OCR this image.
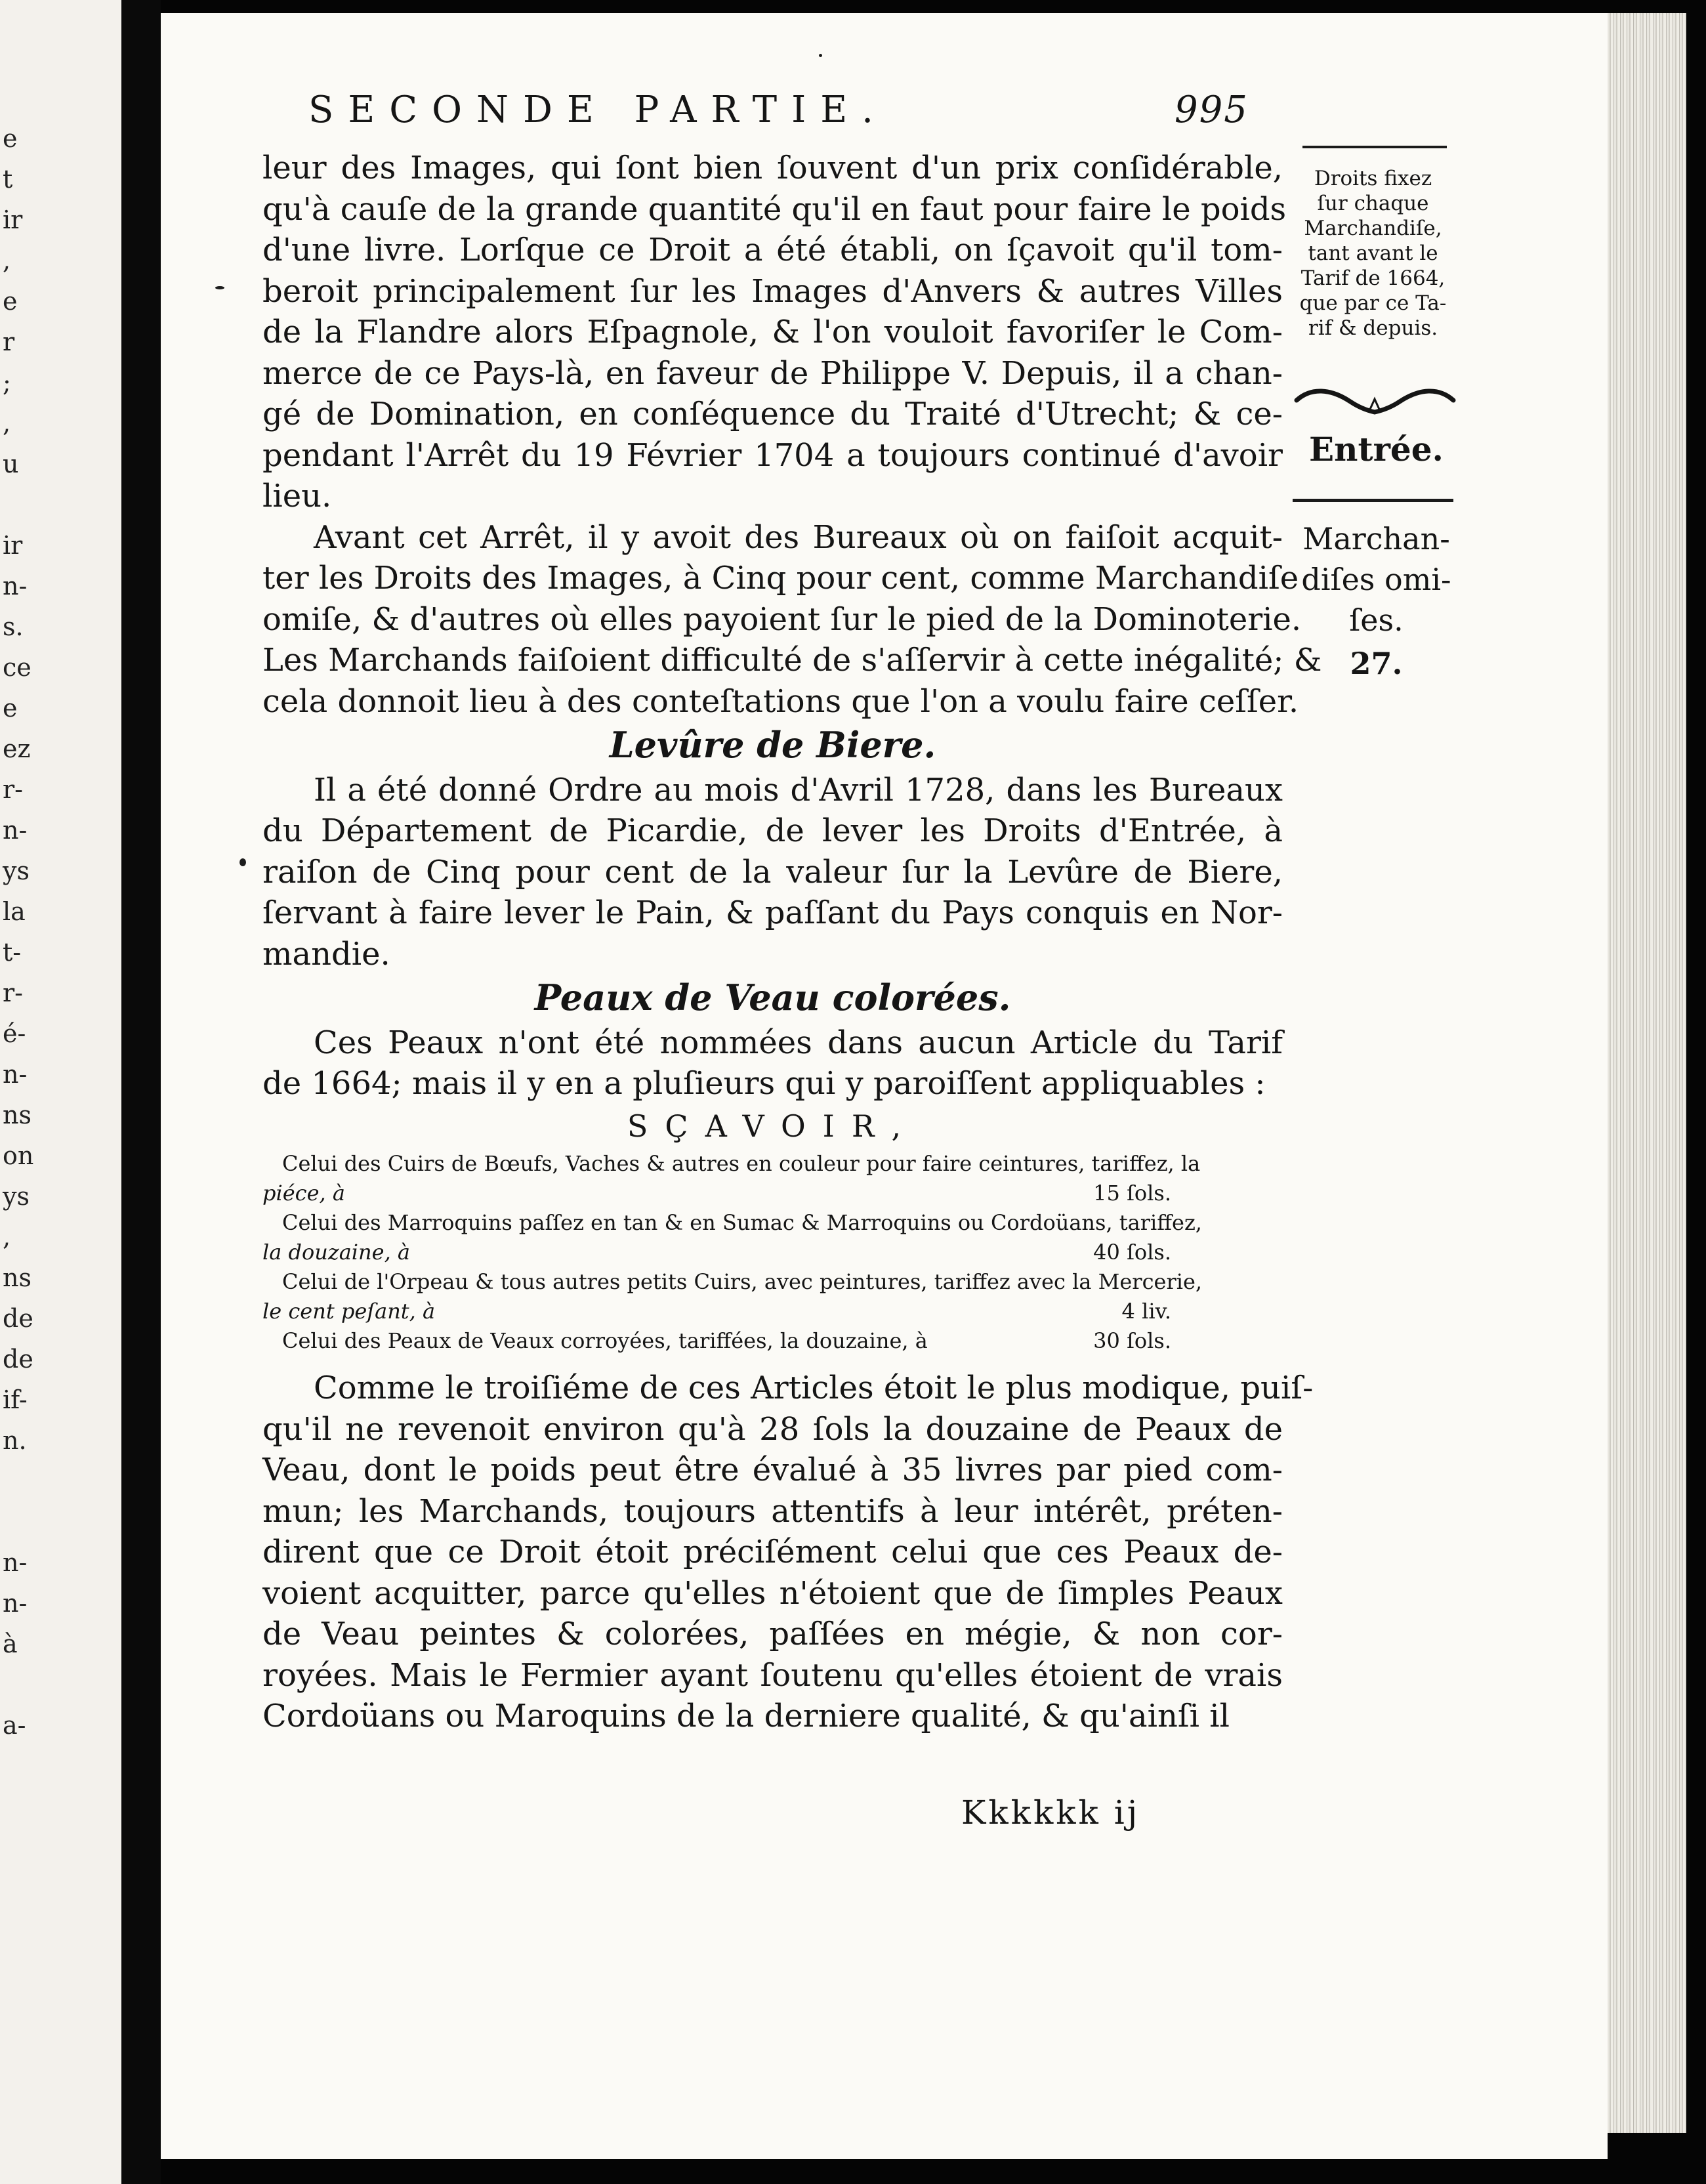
e
t
ir
,
e
r
;
,
u

ir
n-
s.
ce
e
ez
r-
n-
ys
la
t-
r-
é-
n-
ns
on
ys
,
ns
de
de
if-
n.

n-
n-
à

a-
SECONDE PARTIE.	995
Droits fixez
ſur chaque
Marchandiſe,
tant avant le
Tarif de 1664,
que par ce Ta-
rif & depuis.
Entrée.
Marchan-
diſes omi-
ſes.
27.

leur des Images, qui ſont bien ſouvent d'un prix conſidérable,
qu'à cauſe de la grande quantité qu'il en faut pour faire le poids
d'une livre. Lorſque ce Droit a été établi, on ſçavoit qu'il tom-
beroit principalement ſur les Images d'Anvers & autres Villes
de la Flandre alors Eſpagnole, & l'on vouloit favoriſer le Com-
merce de ce Pays-là, en faveur de Philippe V. Depuis, il a chan-
gé de Domination, en conſéquence du Traité d'Utrecht; & ce-
pendant l'Arrêt du 19 Février 1704 a toujours continué d'avoir
lieu.

Avant cet Arrêt, il y avoit des Bureaux où on faiſoit acquit-
ter les Droits des Images, à Cinq pour cent, comme Marchandiſe
omiſe, & d'autres où elles payoient ſur le pied de la Dominoterie.
Les Marchands faiſoient difficulté de s'aſſervir à cette inégalité; &
cela donnoit lieu à des conteſtations que l'on a voulu faire ceſſer.

Levûre de Biere.

Il a été donné Ordre au mois d'Avril 1728, dans les Bureaux
du Département de Picardie, de lever les Droits d'Entrée, à
raiſon de Cinq pour cent de la valeur ſur la Levûre de Biere,
ſervant à faire lever le Pain, & paſſant du Pays conquis en Nor-
mandie.

Peaux de Veau colorées.

Ces Peaux n'ont été nommées dans aucun Article du Tarif
de 1664; mais il y en a pluſieurs qui y paroiſſent appliquables :

SÇAVOIR,
Celui des Cuirs de Bœufs, Vaches & autres en couleur pour faire ceintures, tariffez, la
piéce, à	15 ſols.
Celui des Marroquins paſſez en tan & en Sumac & Marroquins ou Cordoüans, tariffez,
la douzaine, à	40 ſols.
Celui de l'Orpeau & tous autres petits Cuirs, avec peintures, tariffez avec la Mercerie,
le cent peſant, à	4 liv.
Celui des Peaux de Veaux corroyées, tariffées, la douzaine, à	30 ſols.

Comme le troiſiéme de ces Articles étoit le plus modique, puiſ-
qu'il ne revenoit environ qu'à 28 ſols la douzaine de Peaux de
Veau, dont le poids peut être évalué à 35 livres par pied com-
mun; les Marchands, toujours attentifs à leur intérêt, préten-
dirent que ce Droit étoit préciſément celui que ces Peaux de-
voient acquitter, parce qu'elles n'étoient que de ſimples Peaux
de Veau peintes & colorées, paſſées en mégie, & non cor-
royées. Mais le Fermier ayant ſoutenu qu'elles étoient de vrais
Cordoüans ou Maroquins de la derniere qualité, & qu'ainſi il

Kkkkkk ij
